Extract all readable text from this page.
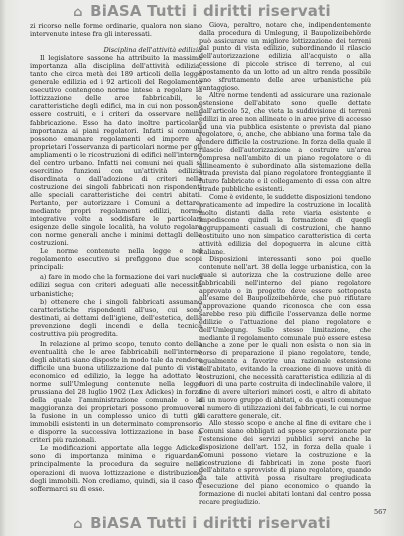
⌂ BiASA Tutti i diritti riservati

zi ricorso nelle forme ordinarie, qualora non siano intervenute intese fra gli interessati.

Disciplina dell'attività edilizia

Il legislatore sassone ha attribuito la massima importanza alla disciplina dell'attività edilizia, tanto che circa metà dei 189 articoli della legge generale edilizia ed i 92 articoli del Regolamento esecutivo contengono norme intese a regolare la lottizzazione delle aree fabbricabili, le caratteristiche degli edifici, ma in cui non possono essere costruiti, e i criteri da osservare nella fabbricazione. Esso ha dato inoltre particolare importanza ai piani regolatori. Infatti si comuni possono emanare regolamenti ed imporre ai proprietari l'osservanza di particolari norme per gli ampliamenti o le ricostruzioni di edifici nell'interno del centro urbano. Infatti nei comuni nei quali si esercitino funzioni con un'attività edilizia disordinata o dall'adozione di criteri nella costruzione dei singoli fabbricati non rispondenti alle speciali caratteristiche dei centri abitati. Pertanto, per autorizzare i Comuni a dettare, mediante propri regolamenti edilizi, norme integrative volte a soddisfare le particolari esigenze delle singole località, ha voluto regolare con norme generali anche i minimi dettagli delle costruzioni.

Le norme contenute nella legge e nel regolamento esecutivo si prefiggono due scopi principali:

a) fare in modo che la formazione dei vari nuclei edilizi segua con criteri adeguati alle necessità urbanistiche;

b) ottenere che i singoli fabbricati assumano caratteristiche rispondenti all'uso, cui sono destinati, ai dettami dell'igiene, dell'estetica, della prevenzione degli incendi e della tecnica costruttiva più progredita.

In relazione al primo scopo, tenuto conto della eventualità che le aree fabbricabili nell'interno degli abitati siano disposte in modo tale da rendere difficile una buona utilizzazione dal punto di vista economico ed edilizio, la legge ha adottato le norme sull'Umlegung contenute nella legge prussiana del 28 luglio 1902 (Lex Adickes) in forza della quale l'amministrazione comunale o la maggioranza dei proprietari possono promuovere la fusione in un complesso unico di tutti gli immobili esistenti in un determinato comprensorio e disporre la successiva lottizzazione in base a criteri più razionali.

Le modificazioni apportate alla legge Adickes sono di importanza minima e riguardano principalmente la procedura da seguire nelle operazioni di nuova lottizzazione e distribuzione degli immobili. Non crediamo, quindi, sia il caso di soffermarci su di esse.

Giova, peraltro, notare che, indipendentemente dalla procedura di Umlegung, il Baupolizeibehörde può assicurare un migliore lottizzazione dei terreni dal punto di vista edilizio, subordinando il rilascio dell'autorizzazione edilizia all'acquisto o alla cessione di piccole strisce di terreno, al cui spostamento da un lotto ad un altro renda possibile uno sfruttamento delle aree urbanistiche più vantaggioso.

Altre norme tendenti ad assicurare una razionale estensione dell'abitato sono quelle dettate dall'articolo 52, che vieta la suddivisione di terreni edilizi in aree non allineate o in aree prive di accesso ad una via pubblica esistente o prevista dal piano regolatore, o, anche, che abbiano una forma tale da rendere difficile la costruzione. In forza della quale il rilascio dell'autorizzazione a costruire un'area compresa nell'ambito di un piano regolatore o di allineamento è subordinato alla sistemazione della strada prevista dal piano regolatore fronteggiante il futuro fabbricato e il collegamento di essa con altre strade pubbliche esistenti.

Come è evidente, le suddette disposizioni tendono praticamente ad impedire la costruzione in località molto distanti dalla rete viaria esistente e impediscono quindi la formazione di quegli aggruppamenti casuali di costruzioni, che hanno costituito uno non simpatico caratteristica di certa attività edilizia del dopoguerra in alcune città italiane.

Disposizioni interessanti sono poi quelle contenute nell'art. 38 della legge urbanistica, con la quale si autorizza che la costruzione delle aree fabbricabili nell'interno del piano regolatore approvato o in progetto deve essere sottoposta all'esame del Baupolizeibehörde, che può rifiutare l'approvazione quando riconosca che con essa sarebbe reso più difficile l'osservanza delle norme edilizie o l'attuazione del piano regolatore e dell'Umlegung. Sullo stesso limitazione, che mediante il regolamento comunale può essere estesa anche a zone per le quali non esista o non sia in corso di preparazione il piano regolatore, tende, ugualmente a favorire una razionale estensione dell'abitato, evitando la creazione di nuove unità di costruzioni, che necessità caratteristica edilizia al di fuori di una parte costruita di indeclinabile valore, il fine di avere ulteriori minori costi, e altro di abitato di un nuovo gruppo di abitati, e da questi comunque al numero di utilizzazioni dei fabbricati, le cui norme di carattere generale, cit.

Allo stesso scopo e anche al fine di evitare che i Comuni siano obbligati ad spese sproporzionate per l'estensione dei servizi pubblici servì anche la disposizione dell'art. 152, in forza della quale i Comuni possono vietare la costruzione e la ricostruzione di fabbricati in zone poste fuori dell'abitato e sprovviste di piano regolatore, quando da tale attività possa risultare pregiudicata l'esecuzione del piano economico o quando la formazione di nuclei abitati lontani dal centro possa recare pregiudizio.

567
⌂ BiASA Tutti i diritti riservati
